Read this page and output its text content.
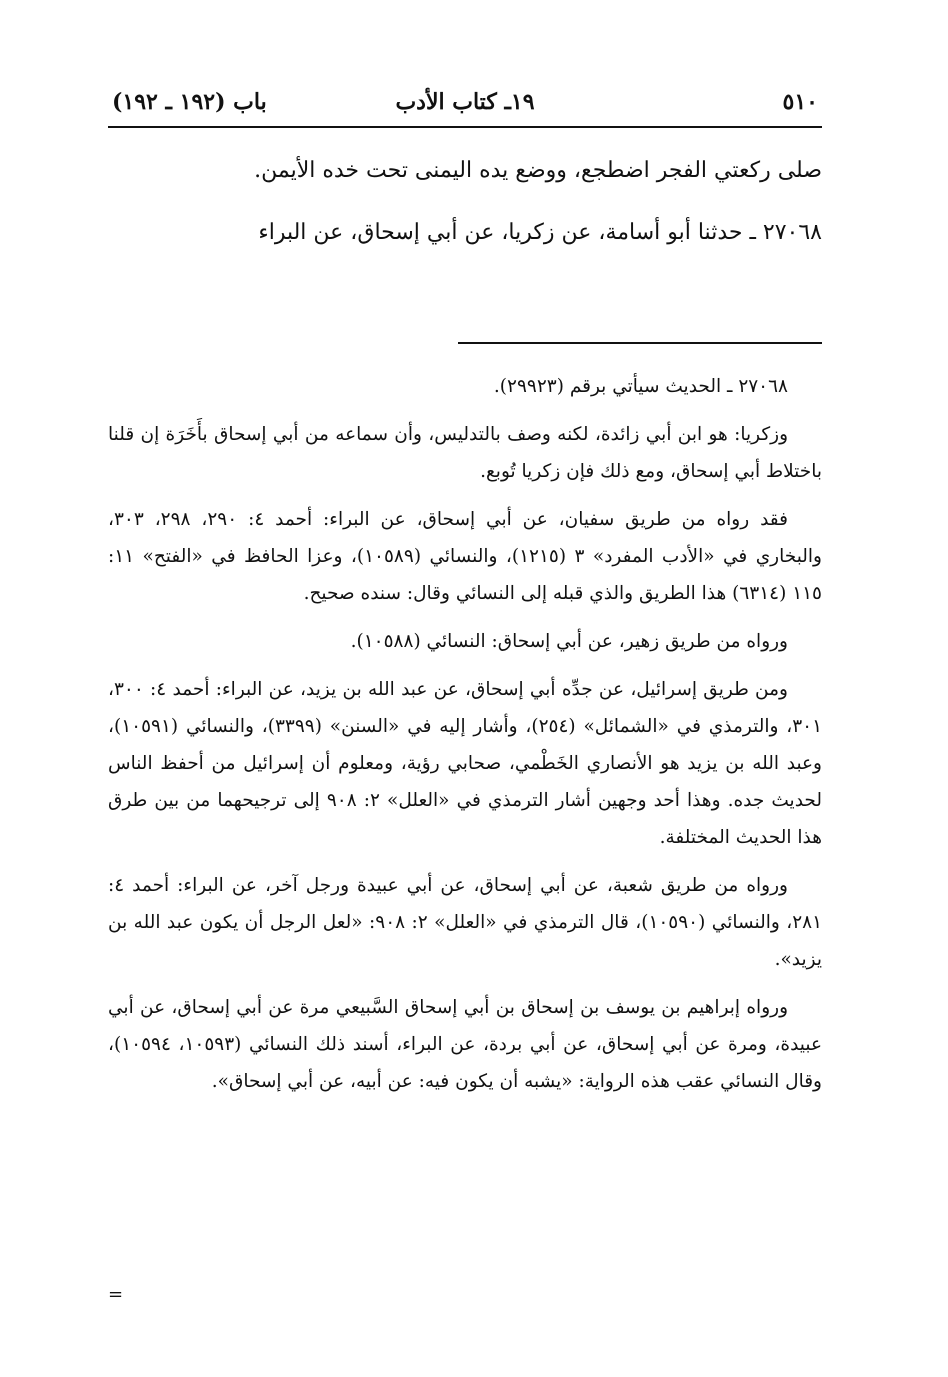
٥١٠
١٩ـ كتاب الأدب
باب (١٩٢ ـ ١٩٢)

صلى ركعتي الفجر اضطجع، ووضع يده اليمنى تحت خده الأيمن.

٢٧٠٦٨ ـ حدثنا أبو أسامة، عن زكريا، عن أبي إسحاق، عن البراء

٢٧٠٦٨ ـ الحديث سيأتي برقم (٢٩٩٢٣).

وزكريا: هو ابن أبي زائدة، لكنه وصف بالتدليس، وأن سماعه من أبي إسحاق بأَخَرَة إن قلنا باختلاط أبي إسحاق، ومع ذلك فإن زكريا تُوبع.

فقد رواه من طريق سفيان، عن أبي إسحاق، عن البراء: أحمد ٤: ٢٩٠، ٢٩٨، ٣٠٣، والبخاري في «الأدب المفرد» ٣ (١٢١٥)، والنسائي (١٠٥٨٩)، وعزا الحافظ في «الفتح» ١١: ١١٥ (٦٣١٤) هذا الطريق والذي قبله إلى النسائي وقال: سنده صحيح.

ورواه من طريق زهير، عن أبي إسحاق: النسائي (١٠٥٨٨).

ومن طريق إسرائيل، عن جدِّه أبي إسحاق، عن عبد الله بن يزيد، عن البراء: أحمد ٤: ٣٠٠، ٣٠١، والترمذي في «الشمائل» (٢٥٤)، وأشار إليه في «السنن» (٣٣٩٩)، والنسائي (١٠٥٩١)، وعبد الله بن يزيد هو الأنصاري الخَطْمي، صحابي رؤية، ومعلوم أن إسرائيل من أحفظ الناس لحديث جده. وهذا أحد وجهين أشار الترمذي في «العلل» ٢: ٩٠٨ إلى ترجيحهما من بين طرق هذا الحديث المختلفة.

ورواه من طريق شعبة، عن أبي إسحاق، عن أبي عبيدة ورجل آخر، عن البراء: أحمد ٤: ٢٨١، والنسائي (١٠٥٩٠)، قال الترمذي في «العلل» ٢: ٩٠٨: «لعل الرجل أن يكون عبد الله بن يزيد».

ورواه إبراهيم بن يوسف بن إسحاق بن أبي إسحاق السَّبيعي مرة عن أبي إسحاق، عن أبي عبيدة، ومرة عن أبي إسحاق، عن أبي بردة، عن البراء، أسند ذلك النسائي (١٠٥٩٣، ١٠٥٩٤)، وقال النسائي عقب هذه الرواية: «يشبه أن يكون فيه: عن أبيه، عن أبي إسحاق».

=
